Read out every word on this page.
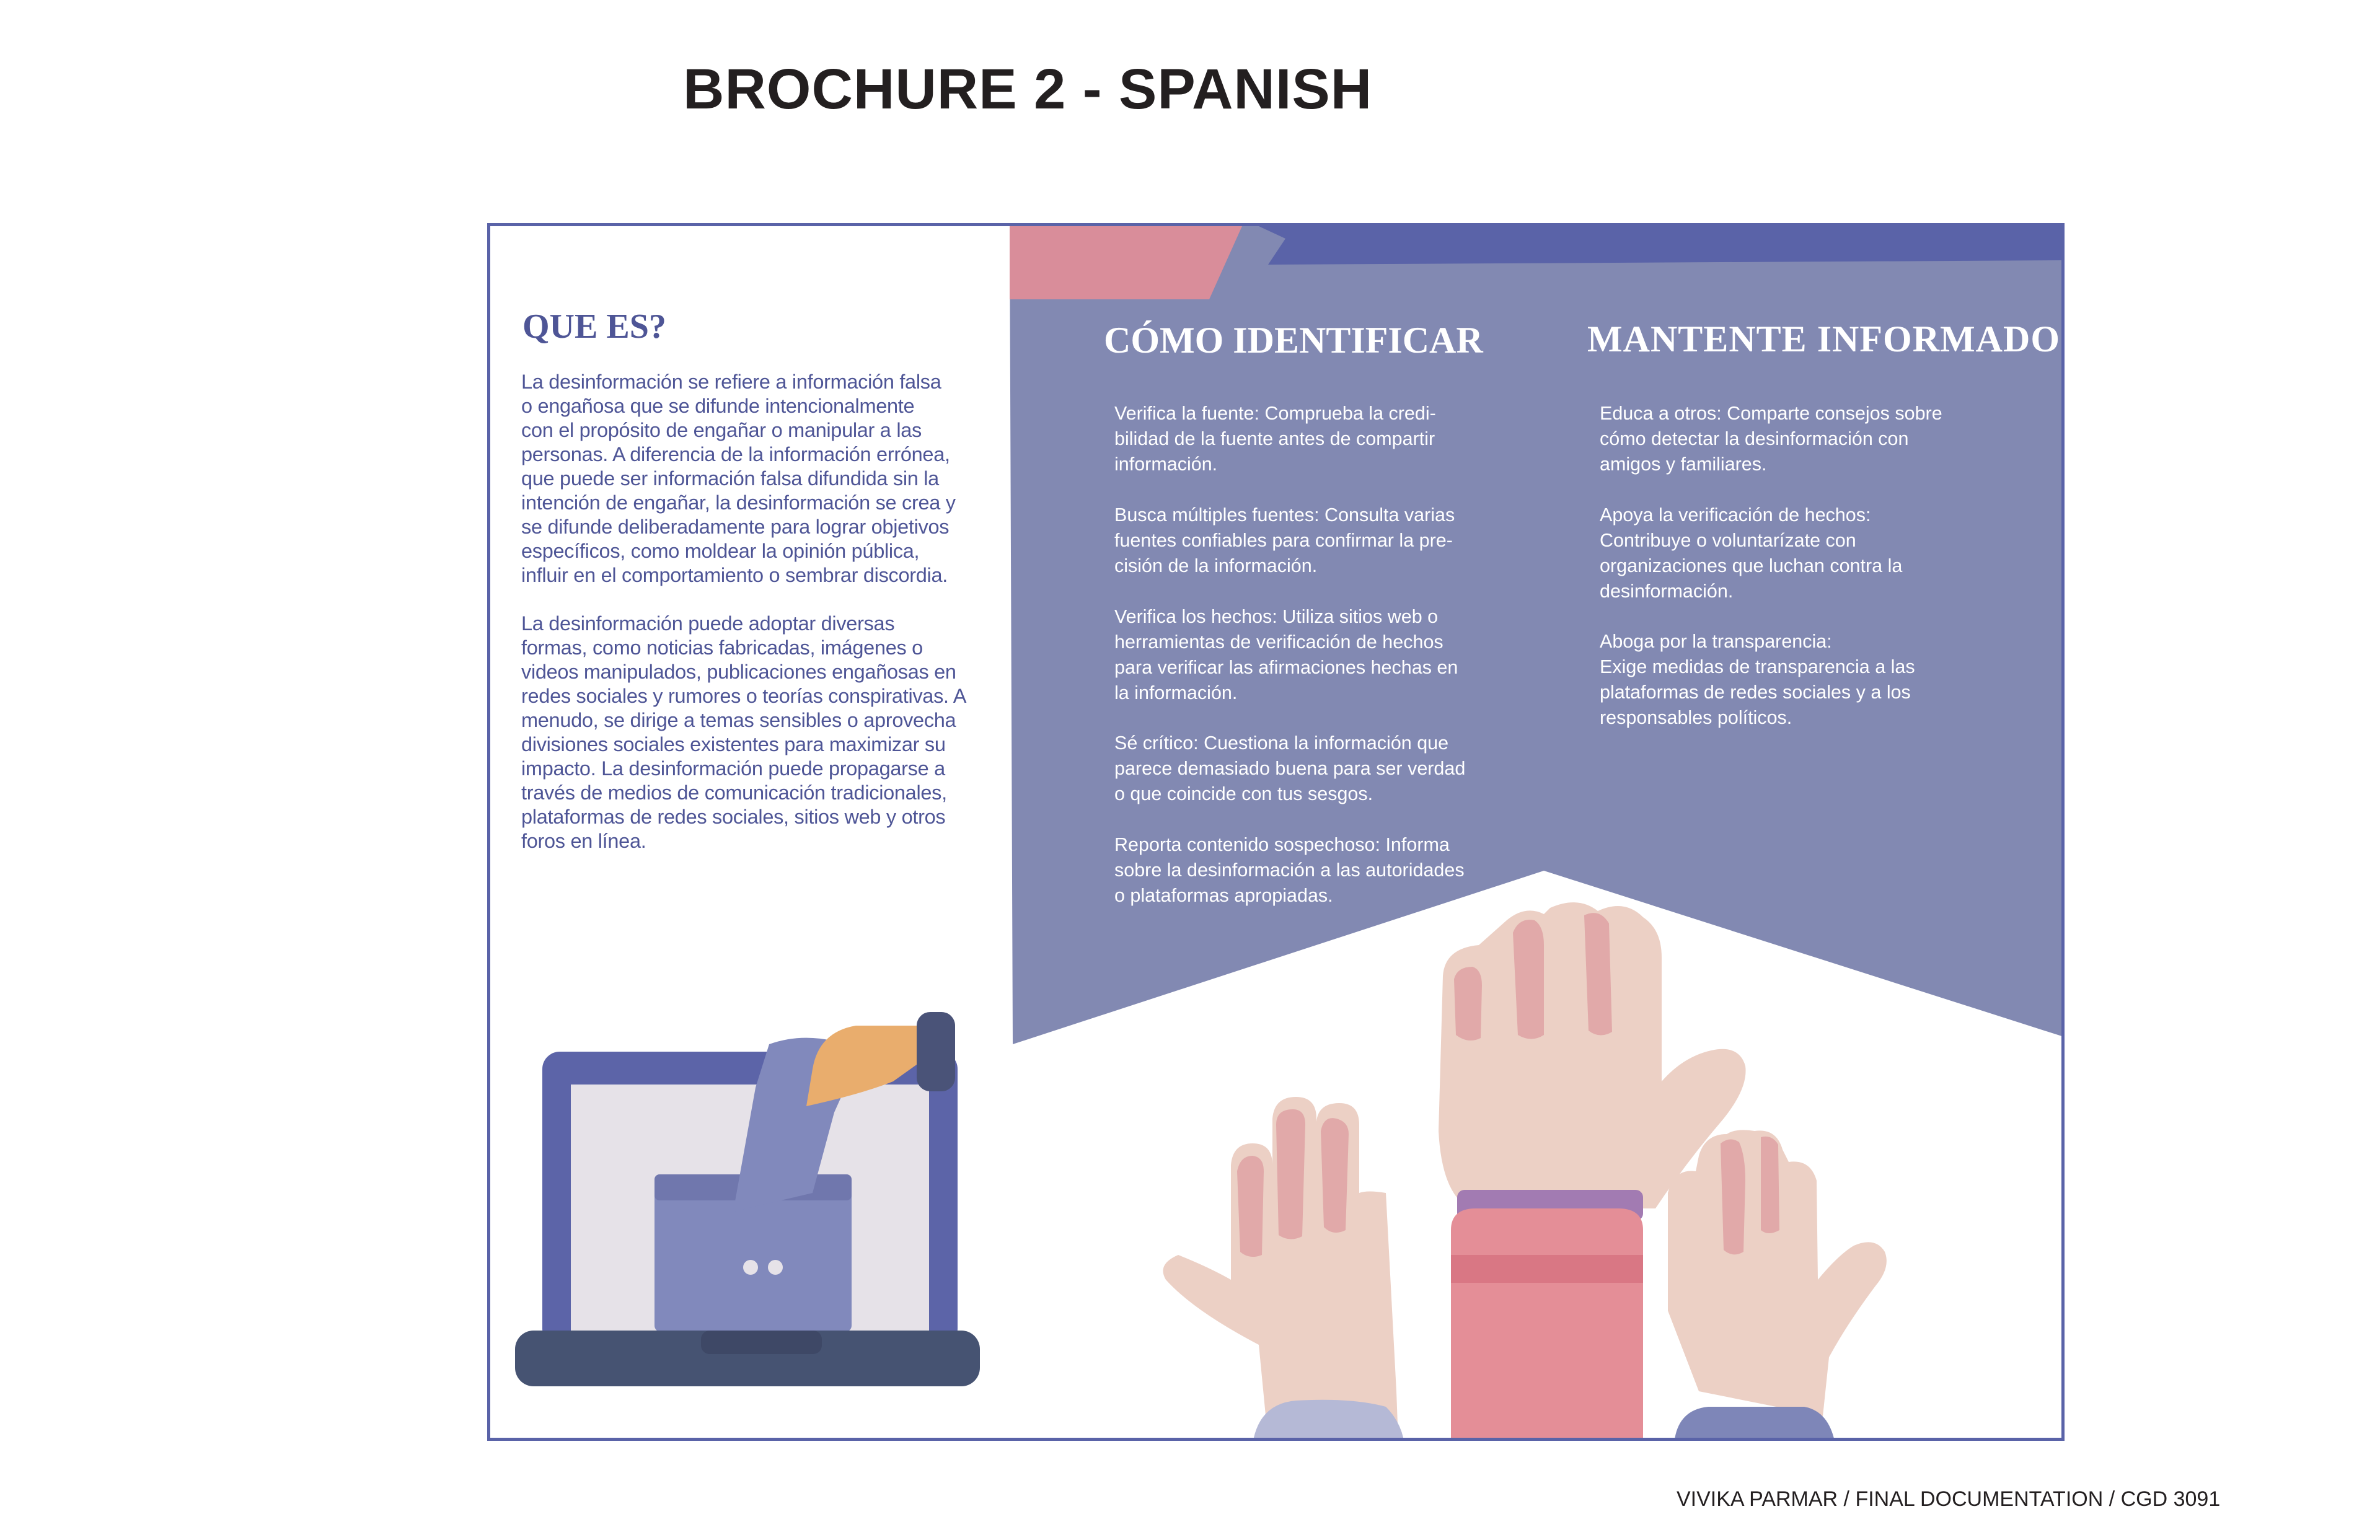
BROCHURE 2 - SPANISH
QUE ES?

La desinformación se refiere a información falsa
o engañosa que se difunde intencionalmente
con el propósito de engañar o manipular a las
personas. A diferencia de la información errónea,
que puede ser información falsa difundida sin la
intención de engañar, la desinformación se crea y
se difunde deliberadamente para lograr objetivos
específicos, como moldear la opinión pública,
influir en el comportamiento o sembrar discordia.

La desinformación puede adoptar diversas
formas, como noticias fabricadas, imágenes o
videos manipulados, publicaciones engañosas en
redes sociales y rumores o teorías conspirativas. A
menudo, se dirige a temas sensibles o aprovecha
divisiones sociales existentes para maximizar su
impacto. La desinformación puede propagarse a
través de medios de comunicación tradicionales,
plataformas de redes sociales, sitios web y otros
foros en línea.

CÓMO IDENTIFICAR

Verifica la fuente: Comprueba la credi-
bilidad de la fuente antes de compartir
información.

Busca múltiples fuentes: Consulta varias
fuentes confiables para confirmar la pre-
cisión de la información.

Verifica los hechos: Utiliza sitios web o
herramientas de verificación de hechos
para verificar las afirmaciones hechas en
la información.

Sé crítico: Cuestiona la información que
parece demasiado buena para ser verdad
o que coincide con tus sesgos.

Reporta contenido sospechoso: Informa
sobre la desinformación a las autoridades
o plataformas apropiadas.

MANTENTE INFORMADO

Educa a otros: Comparte consejos sobre
cómo detectar la desinformación con
amigos y familiares.

Apoya la verificación de hechos:
Contribuye o voluntarízate con
organizaciones que luchan contra la
desinformación.

Aboga por la transparencia:
Exige medidas de transparencia a las
plataformas de redes sociales y a los
responsables políticos.

VIVIKA PARMAR / FINAL DOCUMENTATION / CGD 3091
